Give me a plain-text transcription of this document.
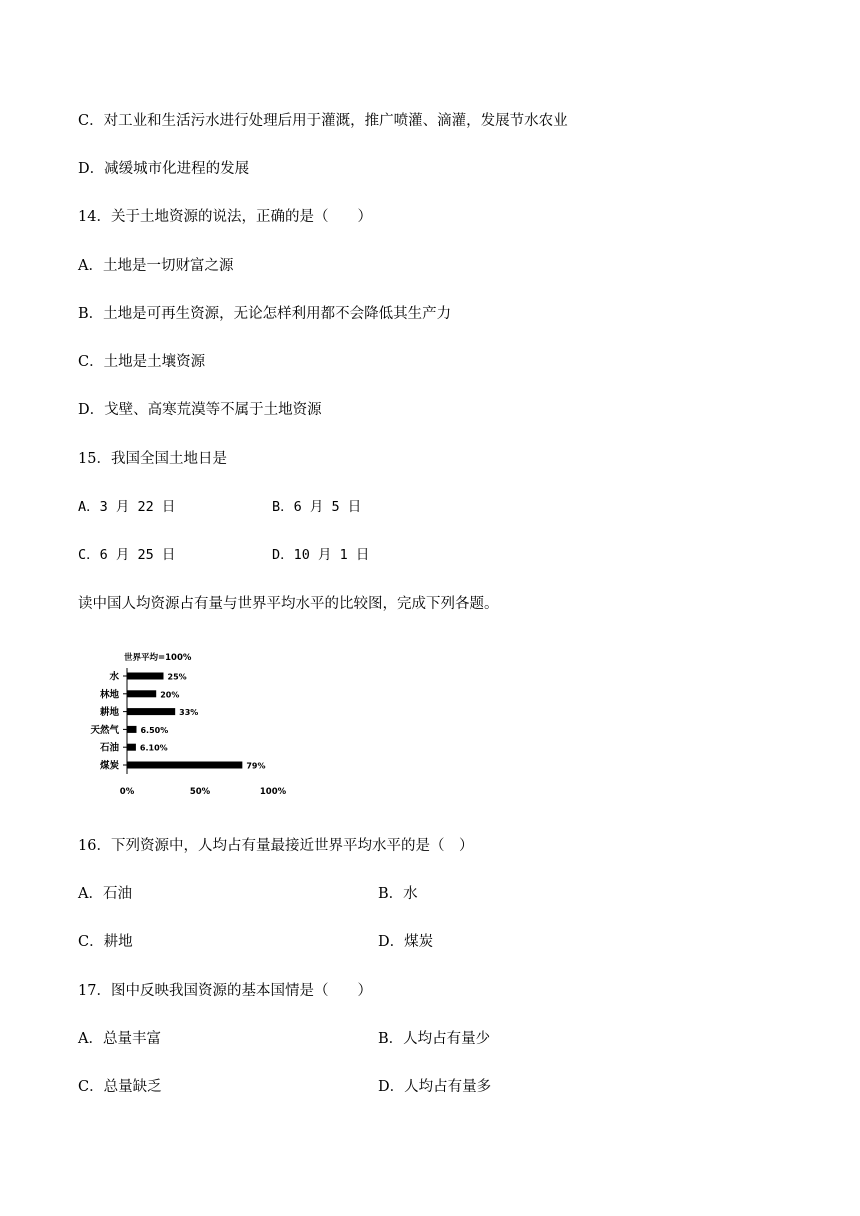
C．对工业和生活污水进行处理后用于灌溉，推广喷灌、滴灌，发展节水农业
D．减缓城市化进程的发展
14．关于土地资源的说法，正确的是（　　）
A．土地是一切财富之源
B．土地是可再生资源，无论怎样利用都不会降低其生产力
C．土地是土壤资源
D．戈壁、高寒荒漠等不属于土地资源
15．我国全国土地日是
A．3 月 22 日	B．6 月 5 日
C．6 月 25 日	D．10 月 1 日
读中国人均资源占有量与世界平均水平的比较图，完成下列各题。
世界平均=100%
水	25%
林地	20%
耕地	33%
天然气	6.50%
石油	6.10%
煤炭	79%
0%	50%	100%
16．下列资源中，人均占有量最接近世界平均水平的是（　）
A．石油	B．水
C．耕地	D．煤炭
17．图中反映我国资源的基本国情是（　　）
A．总量丰富	B．人均占有量少
C．总量缺乏	D．人均占有量多
